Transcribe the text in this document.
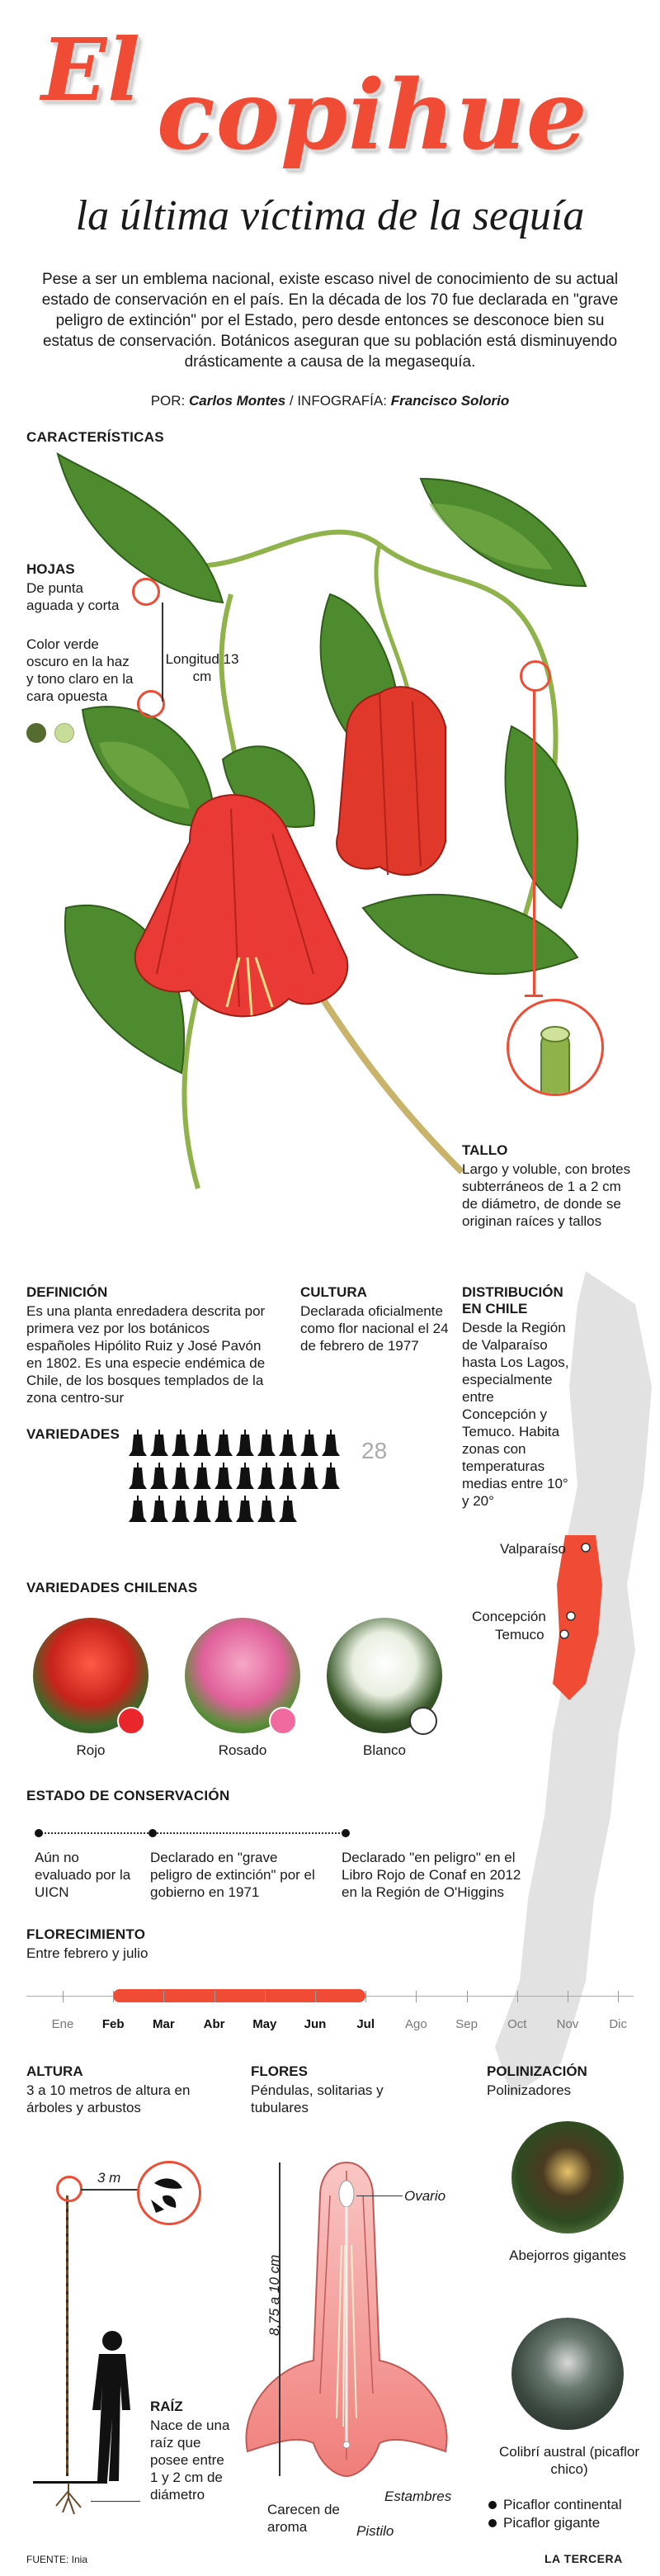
El copihue
la última víctima de la sequía
Pese a ser un emblema nacional, existe escaso nivel de conocimiento de su actual estado de conservación en el país. En la década de los 70 fue declarada en "grave peligro de extinción" por el Estado, pero desde entonces se desconoce bien su estatus de conservación. Botánicos aseguran que su población está disminuyendo drásticamente a causa de la megasequía.
POR: Carlos Montes / INFOGRAFÍA: Francisco Solorio
CARACTERÍSTICAS
HOJAS
De punta aguada y corta
Color verde oscuro en la haz y tono claro en la cara opuesta
Longitud 13 cm
TALLO
Largo y voluble, con brotes subterráneos de 1 a 2 cm de diámetro, de donde se originan raíces y tallos
Valparaíso
Concepción
Temuco
DEFINICIÓN
Es una planta enredadera descrita por primera vez por los botánicos españoles Hipólito Ruiz y José Pavón en 1802. Es una especie endémica de Chile, de los bosques templados de la zona centro-sur
CULTURA
Declarada oficialmente como flor nacional el 24 de febrero de 1977
DISTRIBUCIÓN EN CHILE
Desde la Región de Valparaíso hasta Los Lagos, especialmente entre Concepción y Temuco. Habita zonas con temperaturas medias entre 10° y 20°
VARIEDADES
28
VARIEDADES CHILENAS
Rojo	Rosado	Blanco
ESTADO DE CONSERVACIÓN
Aún no evaluado por la UICN
Declarado en "grave peligro de extinción" por el gobierno en 1971
Declarado "en peligro" en el Libro Rojo de Conaf en 2012 en la Región de O'Higgins
FLORECIMIENTO
Entre febrero y julio
Ene	Feb	Mar	Abr	May	Jun	Jul	Ago	Sep	Oct	Nov	Dic
ALTURA
3 a 10 metros de altura en árboles y arbustos
FLORES
Péndulas, solitarias y tubulares
POLINIZACIÓN
Polinizadores
3 m
RAÍZ
Nace de una raíz que posee entre 1 y 2 cm de diámetro
8,75 a 10 cm
Ovario
Estambres
Pistilo
Carecen de aroma
Abejorros gigantes
Colibrí austral (picaflor chico)
Picaflor continental
Picaflor gigante
FUENTE: Inia	LA TERCERA
